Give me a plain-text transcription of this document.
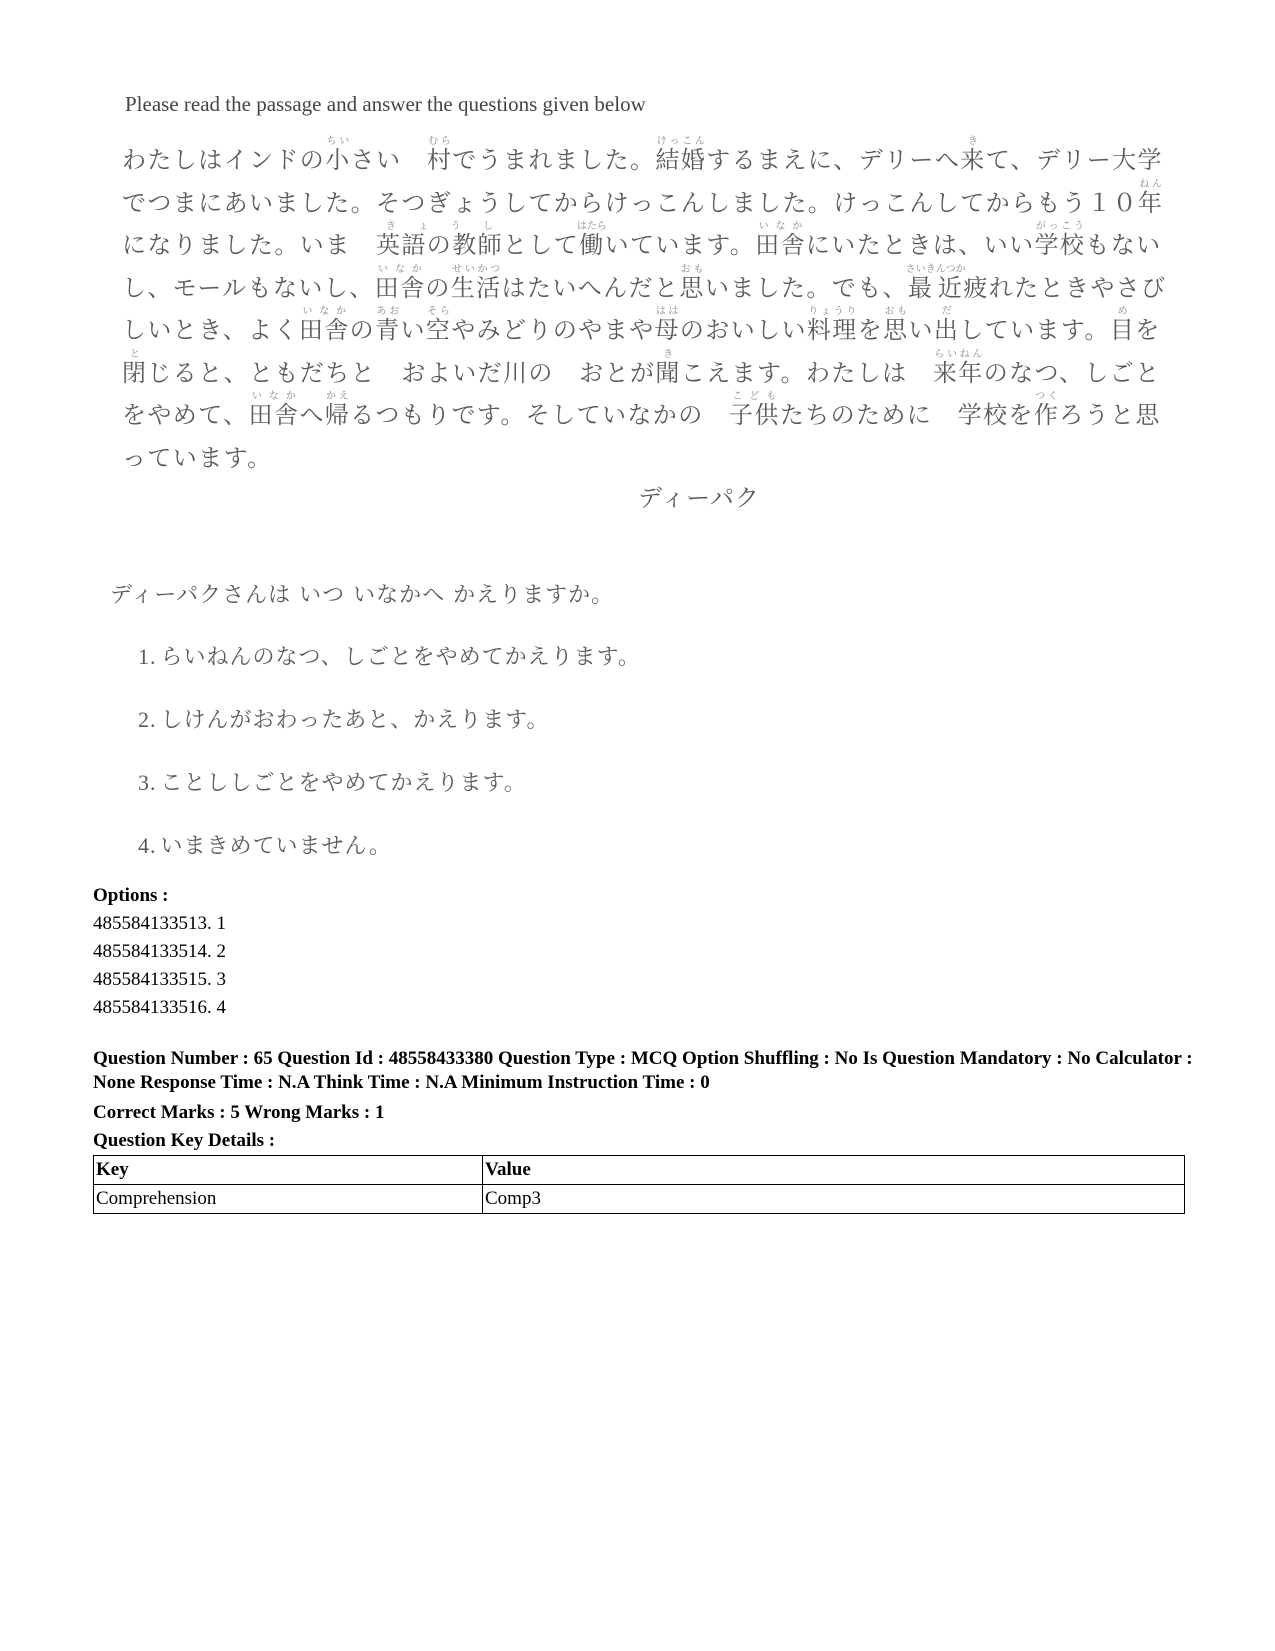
Please read the passage and answer the questions given below
わたしはインドの小ちいさい　村むらでうまれました。結婚けっこんするまえに、デリーへ来きて、デリー大学でつまにあいました。そつぎょうしてからけっこんしました。けっこんしてからもう１０年ねんになりました。いま　英語の教師きょうしとして働はたらいています。田舎いなかにいたときは、いい学校がっこうもないし、モールもないし、田舎いなかの生活せいかつはたいへんだと思おもいました。でも、最近さいきんつか疲れたときやさびしいとき、よく田舎いなかの青あおい空そらやみどりのやまや母ははのおいしい料理りょうりを思おもい出だしています。目めを閉とじると、ともだちと　およいだ川の　おとが聞きこえます。わたしは　来年らいねんのなつ、しごとをやめて、田舎いなかへ帰かえるつもりです。そしていなかの　子供こどもたちのために　学校を作つくろうと思っています。
ディーパク
ディーパクさんは いつ いなかへ かえりますか。
1. らいねんのなつ、しごとをやめてかえります。
2. しけんがおわったあと、かえります。
3. ことししごとをやめてかえります。
4. いまきめていません。
Options :
485584133513. 1
485584133514. 2
485584133515. 3
485584133516. 4
Question Number : 65 Question Id : 48558433380 Question Type : MCQ Option Shuffling : No Is Question Mandatory : No Calculator : None Response Time : N.A Think Time : N.A Minimum Instruction Time : 0
Correct Marks : 5 Wrong Marks : 1
Question Key Details :
Key	Value
Comprehension	Comp3
